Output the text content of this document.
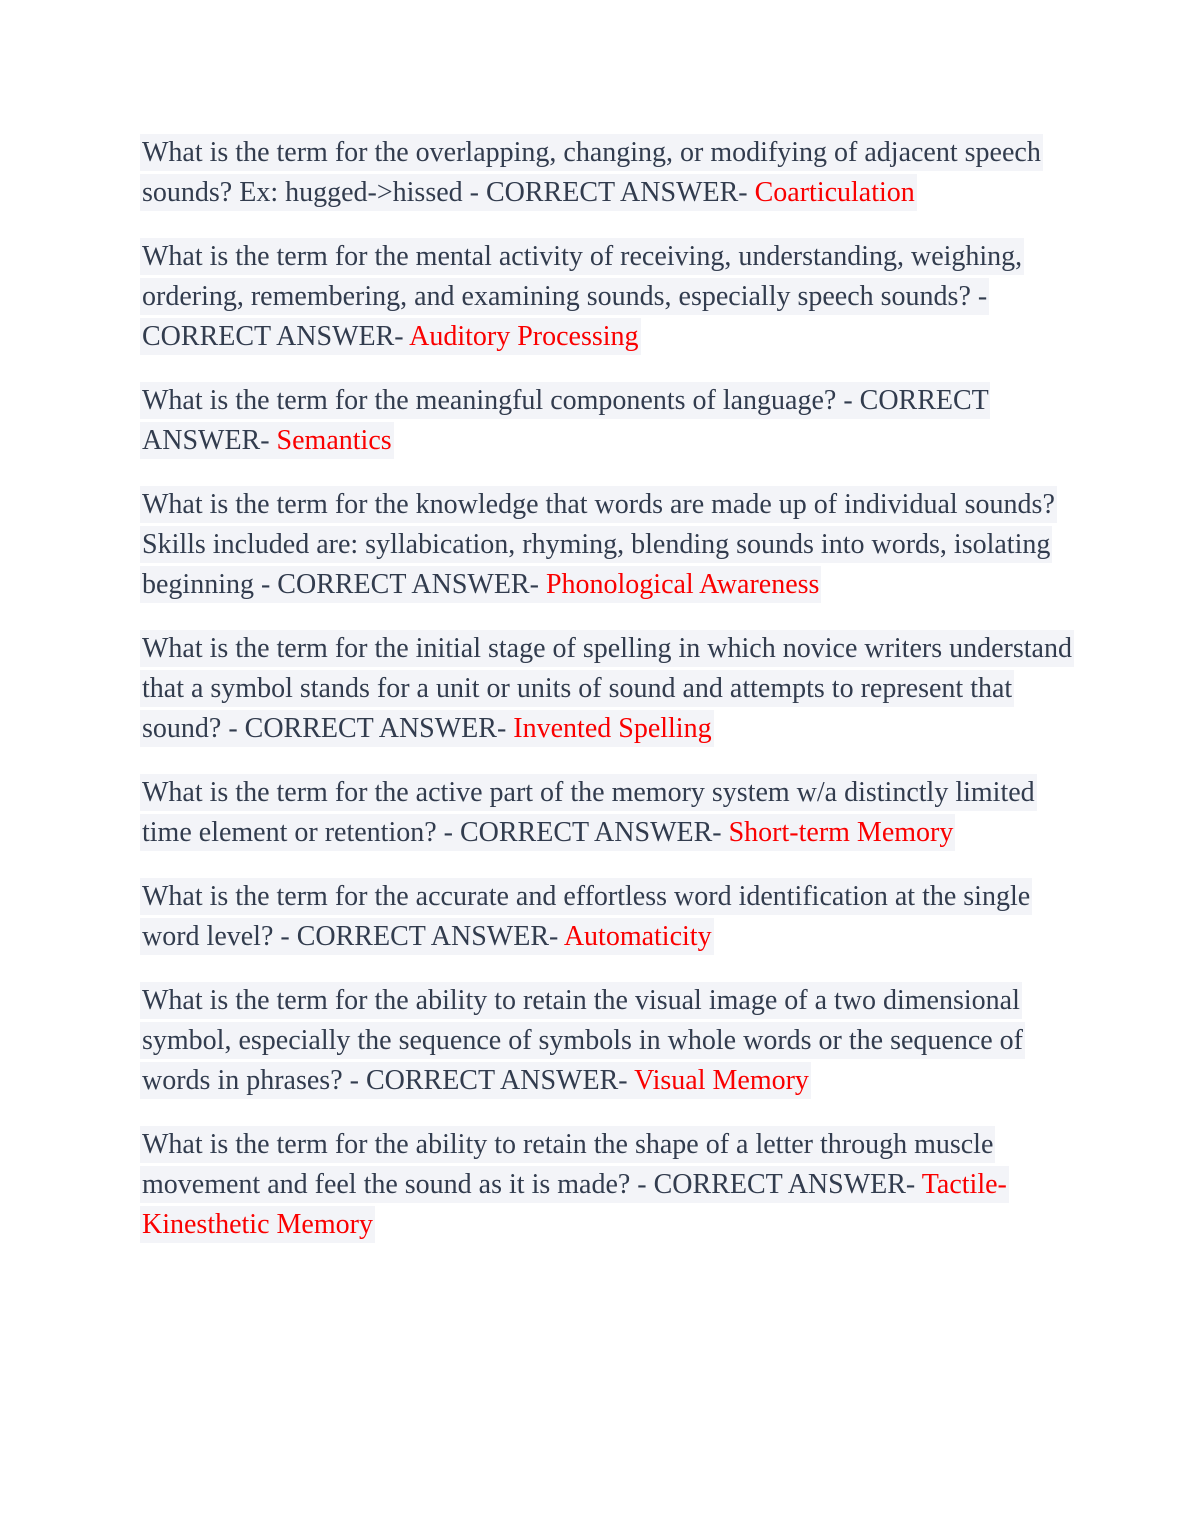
What is the term for the overlapping, changing, or modifying of adjacent speech sounds? Ex: hugged->hissed - CORRECT ANSWER- Coarticulation

What is the term for the mental activity of receiving, understanding, weighing, ordering, remembering, and examining sounds, especially speech sounds? - CORRECT ANSWER- Auditory Processing

What is the term for the meaningful components of language? - CORRECT ANSWER- Semantics

What is the term for the knowledge that words are made up of individual sounds? Skills included are: syllabication, rhyming, blending sounds into words, isolating beginning - CORRECT ANSWER- Phonological Awareness

What is the term for the initial stage of spelling in which novice writers understand that a symbol stands for a unit or units of sound and attempts to represent that sound? - CORRECT ANSWER- Invented Spelling

What is the term for the active part of the memory system w/a distinctly limited time element or retention? - CORRECT ANSWER- Short-term Memory

What is the term for the accurate and effortless word identification at the single word level? - CORRECT ANSWER- Automaticity

What is the term for the ability to retain the visual image of a two dimensional symbol, especially the sequence of symbols in whole words or the sequence of words in phrases? - CORRECT ANSWER- Visual Memory

What is the term for the ability to retain the shape of a letter through muscle movement and feel the sound as it is made? - CORRECT ANSWER- Tactile-Kinesthetic Memory
